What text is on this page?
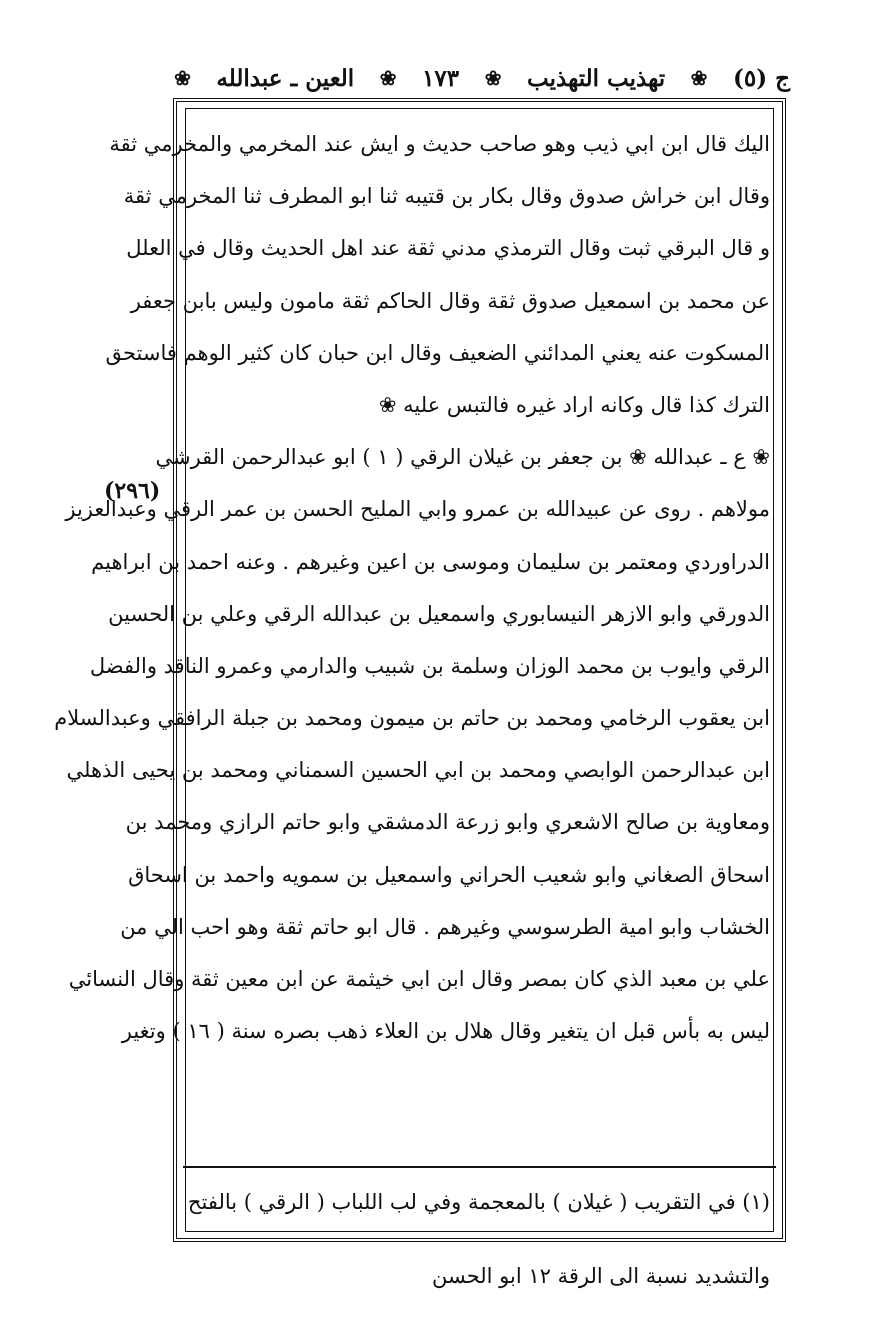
ج (٥)
❀
تهذيب التهذيب
❀
١٧٣
❀
العين ـ عبدالله
❀
(٢٩٦)
اليك قال ابن ابي ذيب وهو صاحب حديث و ايش عند المخرمي والمخرمي ثقة
وقال ابن خراش صدوق وقال بكار بن قتيبه ثنا ابو المطرف ثنا المخرمي ثقة
و قال البرقي ثبت وقال الترمذي مدني ثقة عند اهل الحديث وقال في العلل
عن محمد بن اسمعيل صدوق ثقة وقال الحاكم ثقة مامون وليس بابن جعفر
المسكوت عنه يعني المدائني الضعيف وقال ابن حبان كان كثير الوهم فاستحق
الترك كذا قال وكانه اراد غيره فالتبس عليه ❀
❀ ع ـ عبدالله ❀ بن جعفر بن غيلان الرقي ( ١ ) ابو عبدالرحمن القرشي
مولاهم . روى عن عبيدالله بن عمرو وابي المليح الحسن بن عمر الرقي وعبدالعزيز
الدراوردي ومعتمر بن سليمان وموسى بن اعين وغيرهم . وعنه احمد بن ابراهيم
الدورقي وابو الازهر النيسابوري واسمعيل بن عبدالله الرقي وعلي بن الحسين
الرقي وايوب بن محمد الوزان وسلمة بن شبيب والدارمي وعمرو الناقد والفضل
ابن يعقوب الرخامي ومحمد بن حاتم بن ميمون ومحمد بن جبلة الرافقي وعبدالسلام
ابن عبدالرحمن الوابصي ومحمد بن ابي الحسين السمناني ومحمد بن يحيى الذهلي
ومعاوية بن صالح الاشعري وابو زرعة الدمشقي وابو حاتم الرازي ومحمد بن
اسحاق الصغاني وابو شعيب الحراني واسمعيل بن سمويه واحمد بن اسحاق
الخشاب وابو امية الطرسوسي وغيرهم . قال ابو حاتم ثقة وهو احب الي من
علي بن معبد الذي كان بمصر وقال ابن ابي خيثمة عن ابن معين ثقة وقال النسائي
ليس به بأس قبل ان يتغير وقال هلال بن العلاء ذهب بصره سنة ( ١٦ ) وتغير
(١) في التقريب ( غيلان ) بالمعجمة وفي لب اللباب ( الرقي ) بالفتح
والتشديد نسبة الى الرقة ١٢ ابو الحسن
